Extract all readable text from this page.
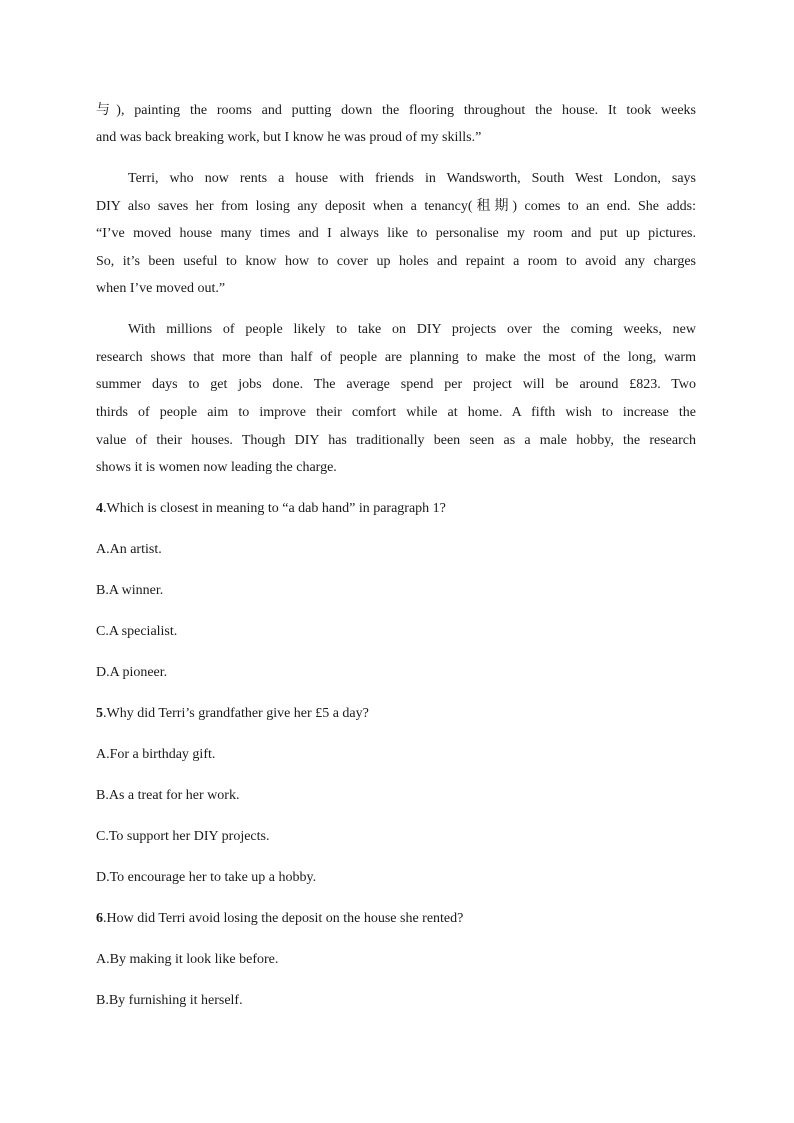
与), painting the rooms and putting down the flooring throughout the house. It took weeks
and was back breaking work, but I know he was proud of my skills.”
Terri, who now rents a house with friends in Wandsworth, South West London, says
DIY also saves her from losing any deposit when a tenancy(租期) comes to an end. She adds:
“I’ve moved house many times and I always like to personalise my room and put up pictures.
So, it’s been useful to know how to cover up holes and repaint a room to avoid any charges
when I’ve moved out.”
With millions of people likely to take on DIY projects over the coming weeks, new
research shows that more than half of people are planning to make the most of the long, warm
summer days to get jobs done. The average spend per project will be around £823. Two
thirds of people aim to improve their comfort while at home. A fifth wish to increase the
value of their houses. Though DIY has traditionally been seen as a male hobby, the research
shows it is women now leading the charge.
4.Which is closest in meaning to “a dab hand” in paragraph 1?
A.An artist.
B.A winner.
C.A specialist.
D.A pioneer.
5.Why did Terri’s grandfather give her £5 a day?
A.For a birthday gift.
B.As a treat for her work.
C.To support her DIY projects.
D.To encourage her to take up a hobby.
6.How did Terri avoid losing the deposit on the house she rented?
A.By making it look like before.
B.By furnishing it herself.
